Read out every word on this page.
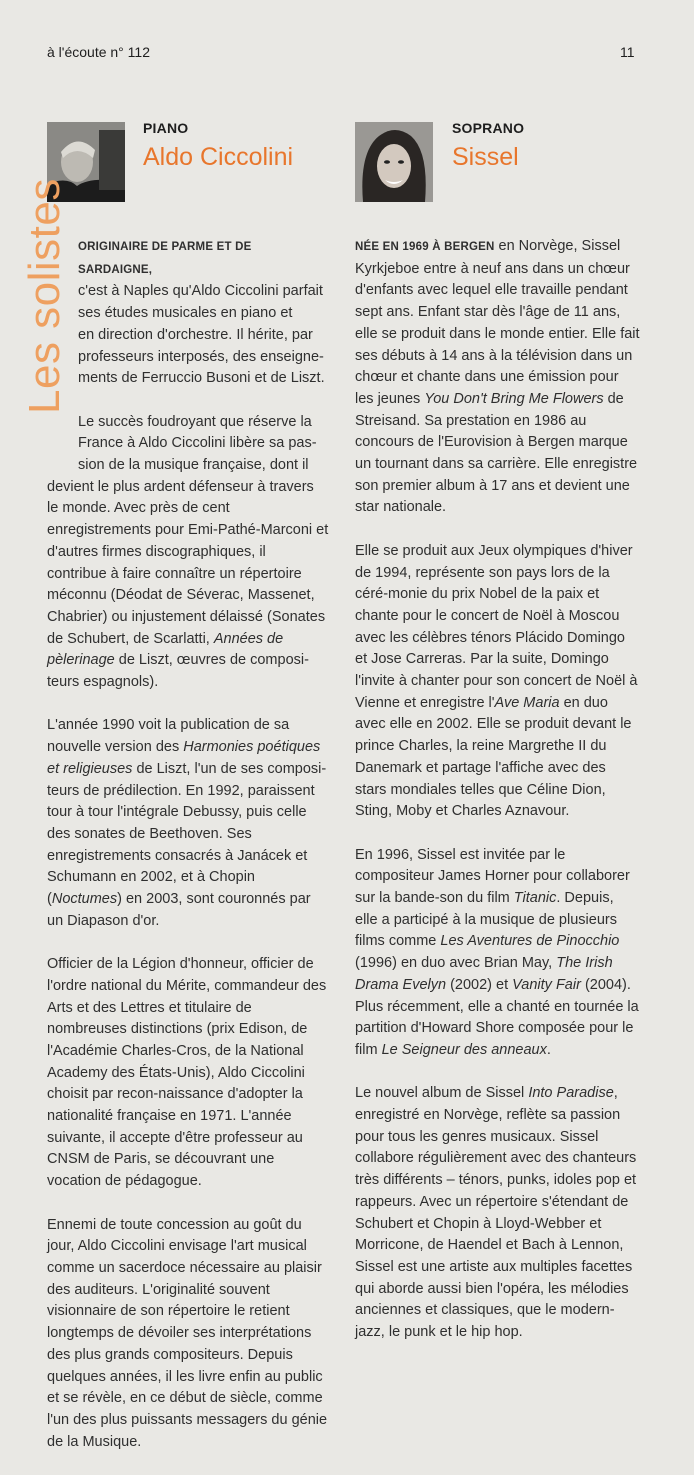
à l'écoute n° 112	11
PIANO
Aldo Ciccolini
SOPRANO
Sissel
Les solistes ORIGINAIRE DE PARME ET DE SARDAIGNE,
c'est à Naples qu'Aldo Ciccolini parfait
ses études musicales en piano et
en direction d'orchestre. Il hérite, par
professeurs interposés, des enseigne-
ments de Ferruccio Busoni et de Liszt.

Le succès foudroyant que réserve la
France à Aldo Ciccolini libère sa pas-
sion de la musique française, dont il
devient le plus ardent défenseur à travers le monde. Avec près de cent enregistrements pour Emi-Pathé-Marconi et d'autres firmes discographiques, il contribue à faire connaître un répertoire méconnu (Déodat de Séverac, Massenet, Chabrier) ou injustement délaissé (Sonates de Schubert, de Scarlatti, Années de pèlerinage de Liszt, œuvres de composi-teurs espagnols).

L'année 1990 voit la publication de sa nouvelle version des Harmonies poétiques et religieuses de Liszt, l'un de ses composi-teurs de prédilection. En 1992, paraissent tour à tour l'intégrale Debussy, puis celle des sonates de Beethoven. Ses enregistrements consacrés à Janácek et Schumann en 2002, et à Chopin (Noctumes) en 2003, sont couronnés par un Diapason d'or.

Officier de la Légion d'honneur, officier de l'ordre national du Mérite, commandeur des Arts et des Lettres et titulaire de nombreuses distinctions (prix Edison, de l'Académie Charles-Cros, de la National Academy des États-Unis), Aldo Ciccolini choisit par recon-naissance d'adopter la nationalité française en 1971. L'année suivante, il accepte d'être professeur au CNSM de Paris, se découvrant une vocation de pédagogue.

Ennemi de toute concession au goût du jour, Aldo Ciccolini envisage l'art musical comme un sacerdoce nécessaire au plaisir des auditeurs. L'originalité souvent visionnaire de son répertoire le retient longtemps de dévoiler ses interprétations des plus grands compositeurs. Depuis quelques années, il les livre enfin au public et se révèle, en ce début de siècle, comme l'un des plus puissants messagers du génie de la Musique.

NÉE EN 1969 À BERGEN en Norvège, Sissel Kyrkjeboe entre à neuf ans dans un chœur d'enfants avec lequel elle travaille pendant sept ans. Enfant star dès l'âge de 11 ans, elle se produit dans le monde entier. Elle fait ses débuts à 14 ans à la télévision dans un chœur et chante dans une émission pour les jeunes You Don't Bring Me Flowers de Streisand. Sa prestation en 1986 au concours de l'Eurovision à Bergen marque un tournant dans sa carrière. Elle enregistre son premier album à 17 ans et devient une star nationale.

Elle se produit aux Jeux olympiques d'hiver de 1994, représente son pays lors de la céré-monie du prix Nobel de la paix et chante pour le concert de Noël à Moscou avec les célèbres ténors Plácido Domingo et Jose Carreras. Par la suite, Domingo l'invite à chanter pour son concert de Noël à Vienne et enregistre l'Ave Maria en duo avec elle en 2002. Elle se produit devant le prince Charles, la reine Margrethe II du Danemark et partage l'affiche avec des stars mondiales telles que Céline Dion, Sting, Moby et Charles Aznavour.

En 1996, Sissel est invitée par le compositeur James Horner pour collaborer sur la bande-son du film Titanic. Depuis, elle a participé à la musique de plusieurs films comme Les Aventures de Pinocchio (1996) en duo avec Brian May, The Irish Drama Evelyn (2002) et Vanity Fair (2004). Plus récemment, elle a chanté en tournée la partition d'Howard Shore composée pour le film Le Seigneur des anneaux.

Le nouvel album de Sissel Into Paradise, enregistré en Norvège, reflète sa passion pour tous les genres musicaux. Sissel collabore régulièrement avec des chanteurs très différents – ténors, punks, idoles pop et rappeurs. Avec un répertoire s'étendant de Schubert et Chopin à Lloyd-Webber et Morricone, de Haendel et Bach à Lennon, Sissel est une artiste aux multiples facettes qui aborde aussi bien l'opéra, les mélodies anciennes et classiques, que le modern-jazz, le punk et le hip hop.
